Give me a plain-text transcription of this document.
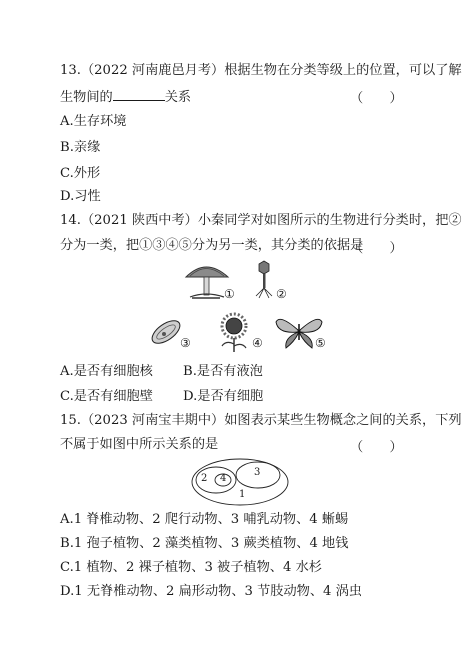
13.（2022 河南鹿邑月考）根据生物在分类等级上的位置，可以了解
生物间的	关系	（　　）
A.生存环境
B.亲缘
C.外形
D.习性
14.（2021 陕西中考）小秦同学对如图所示的生物进行分类时，把②
分为一类，把①③④⑤分为另一类，其分类的依据是
（　　）
①	②
③	④	⑤
A.是否有细胞核 B.是否有液泡
C.是否有细胞壁 D.是否有细胞
15.（2023 河南宝丰期中）如图表示某些生物概念之间的关系，下列
不属于如图中所示关系的是	（　　）
2 4
3
1
A.1 脊椎动物、2 爬行动物、3 哺乳动物、4 蜥蜴
B.1 孢子植物、2 藻类植物、3 蕨类植物、4 地钱
C.1 植物、2 裸子植物、3 被子植物、4 水杉
D.1 无脊椎动物、2 扁形动物、3 节肢动物、4 涡虫
